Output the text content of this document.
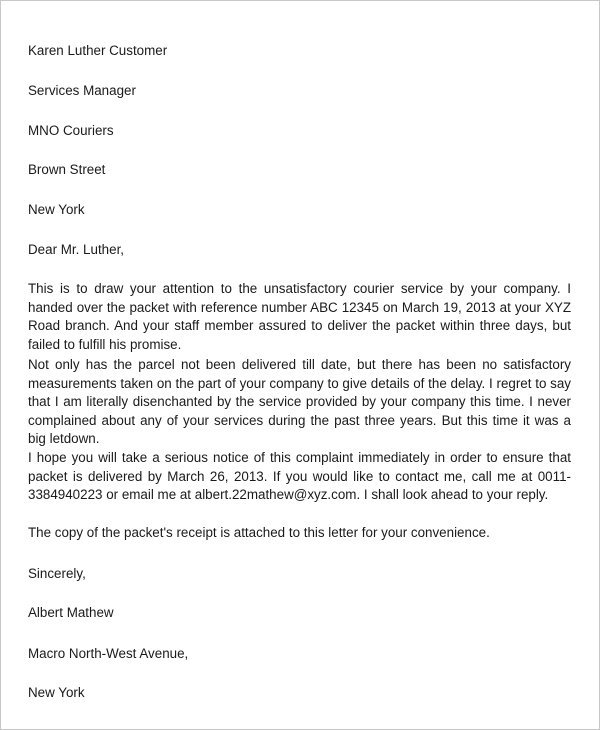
Karen Luther Customer
Services Manager
MNO Couriers
Brown Street
New York
Dear Mr. Luther,
This is to draw your attention to the unsatisfactory courier service by your company. I handed over the packet with reference number ABC 12345 on March 19, 2013 at your XYZ Road branch. And your staff member assured to deliver the packet within three days, but failed to fulfill his promise.
Not only has the parcel not been delivered till date, but there has been no satisfactory measurements taken on the part of your company to give details of the delay. I regret to say that I am literally disenchanted by the service provided by your company this time. I never complained about any of your services during the past three years. But this time it was a big letdown.
I hope you will take a serious notice of this complaint immediately in order to ensure that packet is delivered by March 26, 2013. If you would like to contact me, call me at 0011-3384940223 or email me at albert.22mathew@xyz.com. I shall look ahead to your reply.
The copy of the packet's receipt is attached to this letter for your convenience.
Sincerely,
Albert Mathew
Macro North-West Avenue,
New York
